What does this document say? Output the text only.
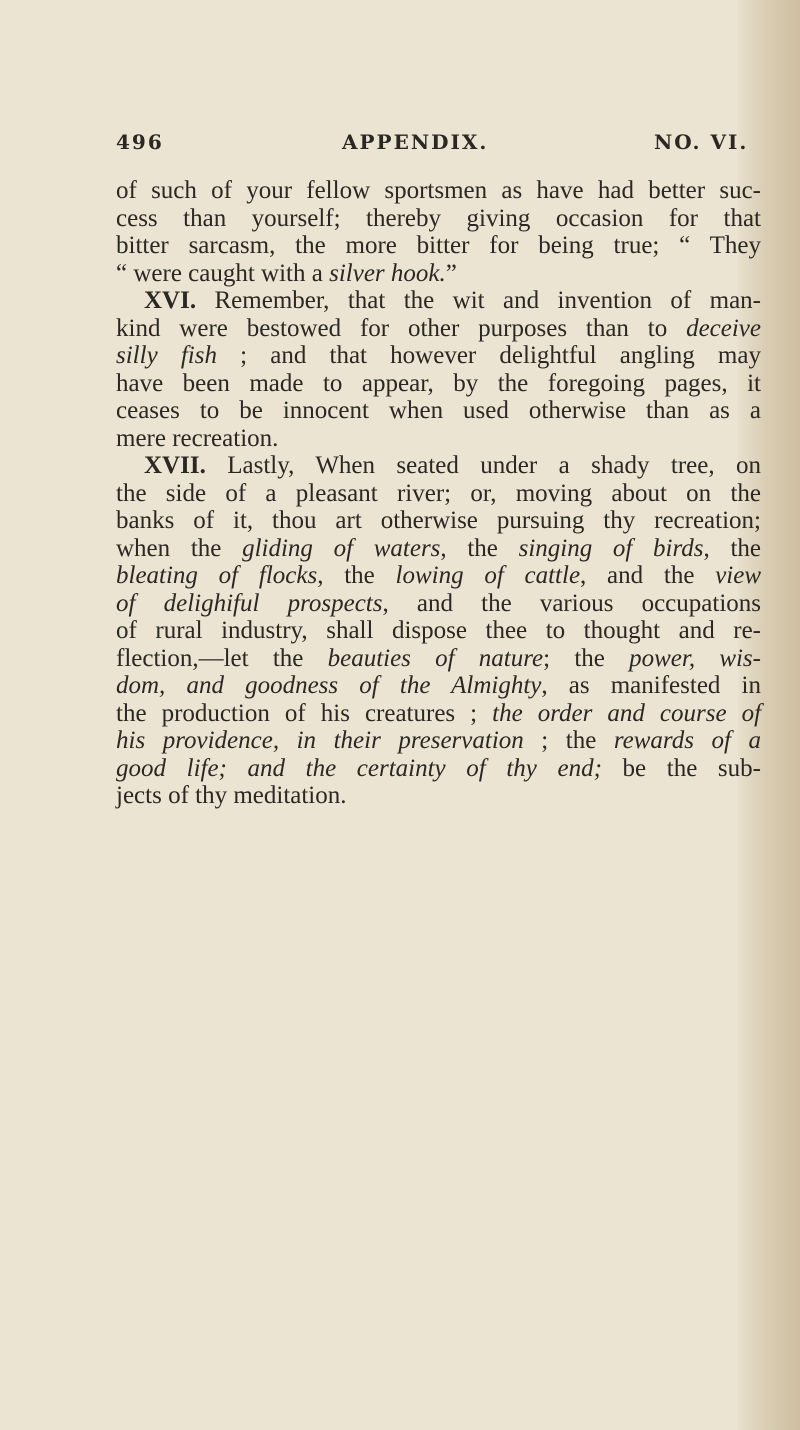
496	APPENDIX.	NO. VI.
of such of your fellow sportsmen as have had better suc-
cess than yourself; thereby giving occasion for that
bitter sarcasm, the more bitter for being true; “ They
“ were caught with a silver hook.”
XVI. Remember, that the wit and invention of man-
kind were bestowed for other purposes than to deceive
silly fish ; and that however delightful angling may
have been made to appear, by the foregoing pages, it
ceases to be innocent when used otherwise than as a
mere recreation.
XVII. Lastly, When seated under a shady tree, on
the side of a pleasant river; or, moving about on the
banks of it, thou art otherwise pursuing thy recreation;
when the gliding of waters, the singing of birds, the
bleating of flocks, the lowing of cattle, and the view
of delighiful prospects, and the various occupations
of rural industry, shall dispose thee to thought and re-
flection,—let the beauties of nature; the power, wis-
dom, and goodness of the Almighty, as manifested in
the production of his creatures ; the order and course of
his providence, in their preservation ; the rewards of a
good life; and the certainty of thy end; be the sub-
jects of thy meditation.
